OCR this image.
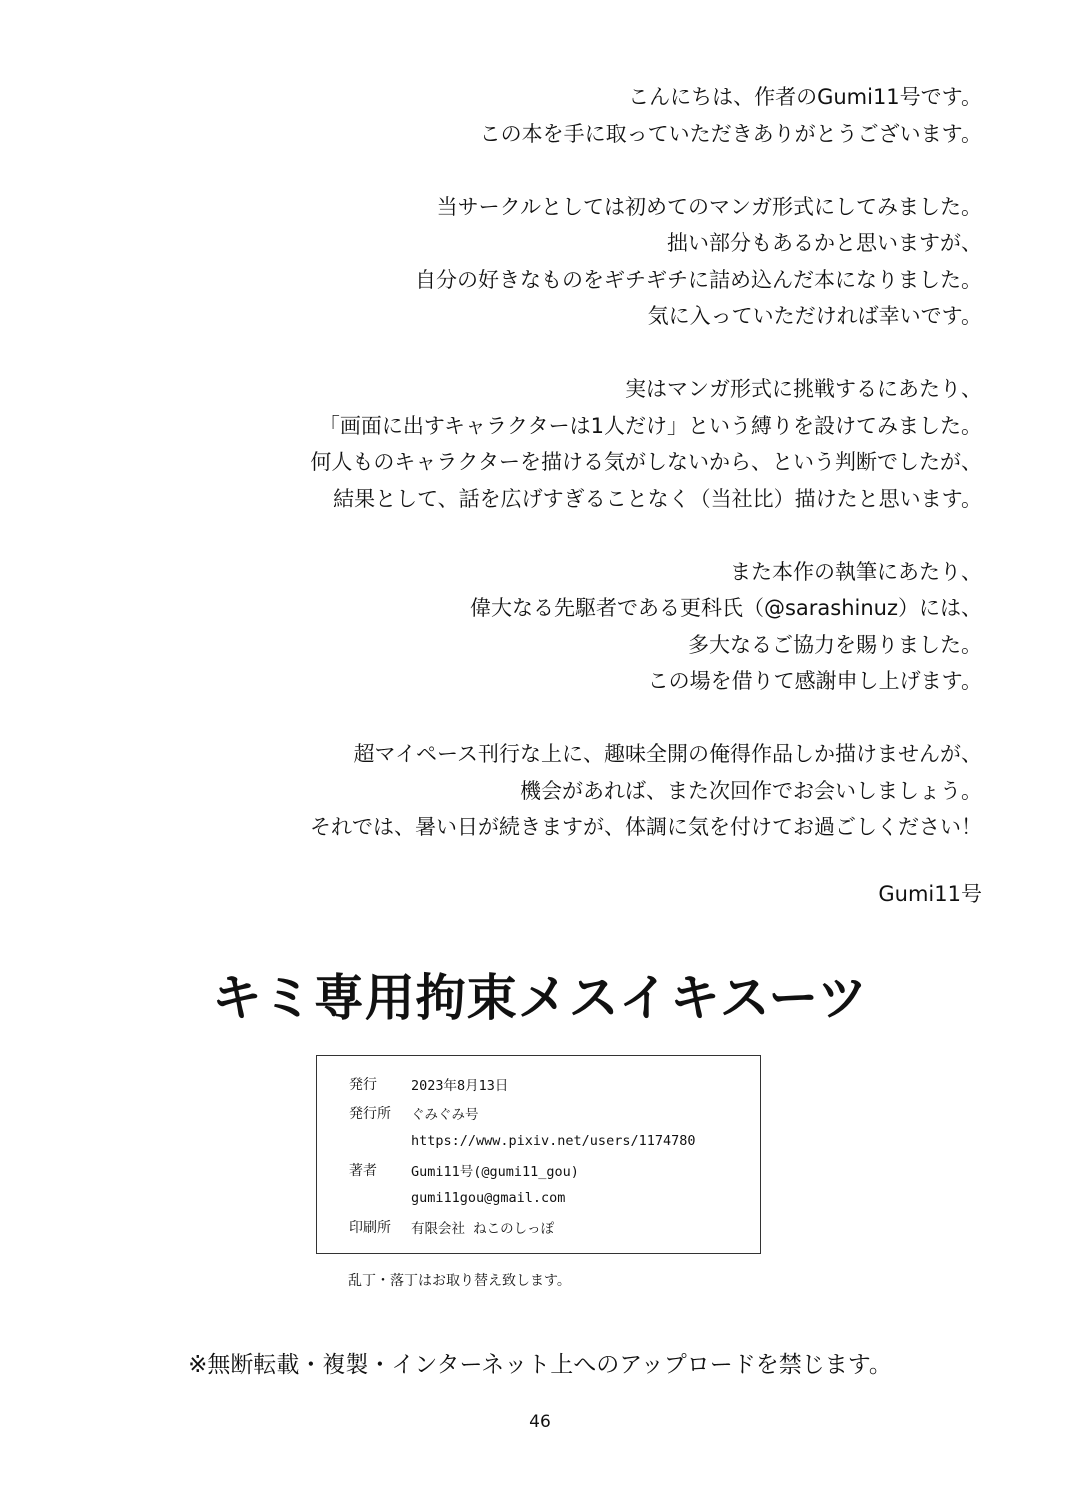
こんにちは、作者のGumi11号です。
この本を手に取っていただきありがとうございます。

当サークルとしては初めてのマンガ形式にしてみました。
拙い部分もあるかと思いますが、
自分の好きなものをギチギチに詰め込んだ本になりました。
気に入っていただければ幸いです。

実はマンガ形式に挑戦するにあたり、
「画面に出すキャラクターは1人だけ」という縛りを設けてみました。
何人ものキャラクターを描ける気がしないから、という判断でしたが、
結果として、話を広げすぎることなく（当社比）描けたと思います。

また本作の執筆にあたり、
偉大なる先駆者である更科氏（@sarashinuz）には、
多大なるご協力を賜りました。
この場を借りて感謝申し上げます。

超マイペース刊行な上に、趣味全開の俺得作品しか描けませんが、
機会があれば、また次回作でお会いしましょう。
それでは、暑い日が続きますが、体調に気を付けてお過ごしください！

Gumi11号
キミ専用拘束メスイキスーツ
発行	2023年8月13日
発行所	ぐみぐみ号
https://www.pixiv.net/users/1174780
著者	Gumi11号(@gumi11_gou)
gumi11gou@gmail.com
印刷所	有限会社 ねこのしっぽ
乱丁・落丁はお取り替え致します。
※無断転載・複製・インターネット上へのアップロードを禁じます。
46
